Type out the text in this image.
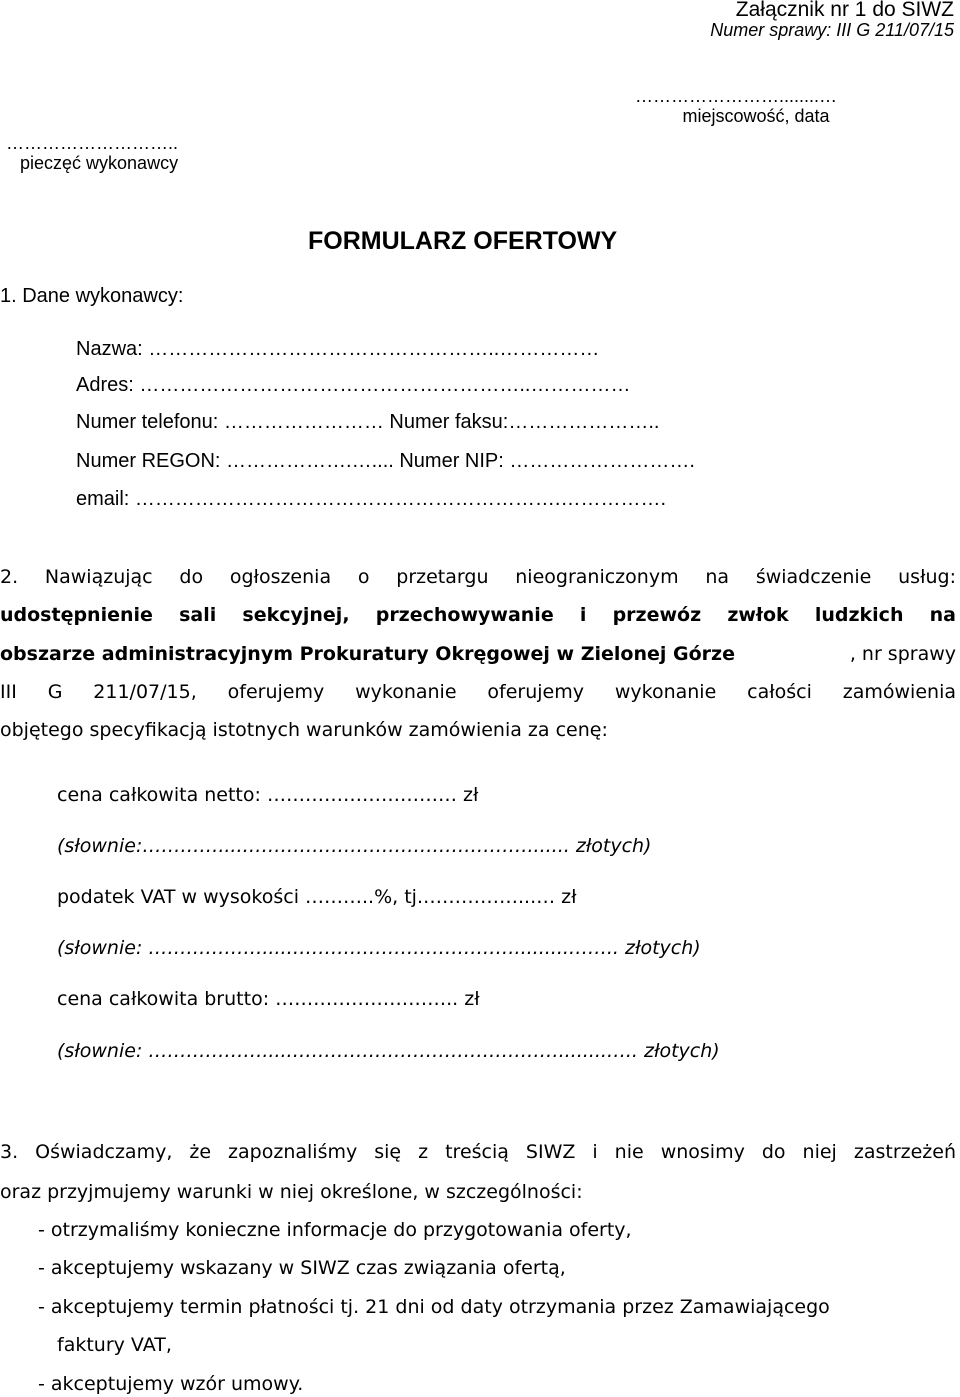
Załącznik nr 1 do SIWZ
Numer sprawy: III G 211/07/15
……………………........…
miejscowość, data
………………………..
pieczęć wykonawcy
FORMULARZ OFERTOWY
1. Dane wykonawcy:
Nazwa: ……………………………………………..……………
Adres: …………………………………………………..……………
Numer telefonu: …………………… Numer faksu:…………………..
Numer REGON: ……………….….... Numer NIP: ……………………….
email: ……………………………………………………….…………….
2. Nawiązując do ogłoszenia o przetargu nieograniczonym na świadczenie usług:
udostępnienie sali sekcyjnej, przechowywanie i przewóz zwłok ludzkich na
obszarze administracyjnym Prokuratury Okręgowej w Zielonej Górze	, nr sprawy
III G 211/07/15, oferujemy wykonanie oferujemy wykonanie całości zamówienia
objętego specyfikacją istotnych warunków zamówienia za cenę:
cena całkowita netto: ………………………… zł
(słownie:…………....………………………………………....... złotych)
podatek VAT w wysokości ………..%, tj.……………...… zł
(słownie: ………………....……………………………….........…….. złotych)
cena całkowita brutto: ……………………….. zł
(słownie: ……………….....……………………………………........….. złotych)
3. Oświadczamy, że zapoznaliśmy się z treścią SIWZ i nie wnosimy do niej zastrzeżeń
oraz przyjmujemy warunki w niej określone, w szczególności:
- otrzymaliśmy konieczne informacje do przygotowania oferty,
- akceptujemy wskazany w SIWZ czas związania ofertą,
- akceptujemy termin płatności tj. 21 dni od daty otrzymania przez Zamawiającego
faktury VAT,
- akceptujemy wzór umowy.
